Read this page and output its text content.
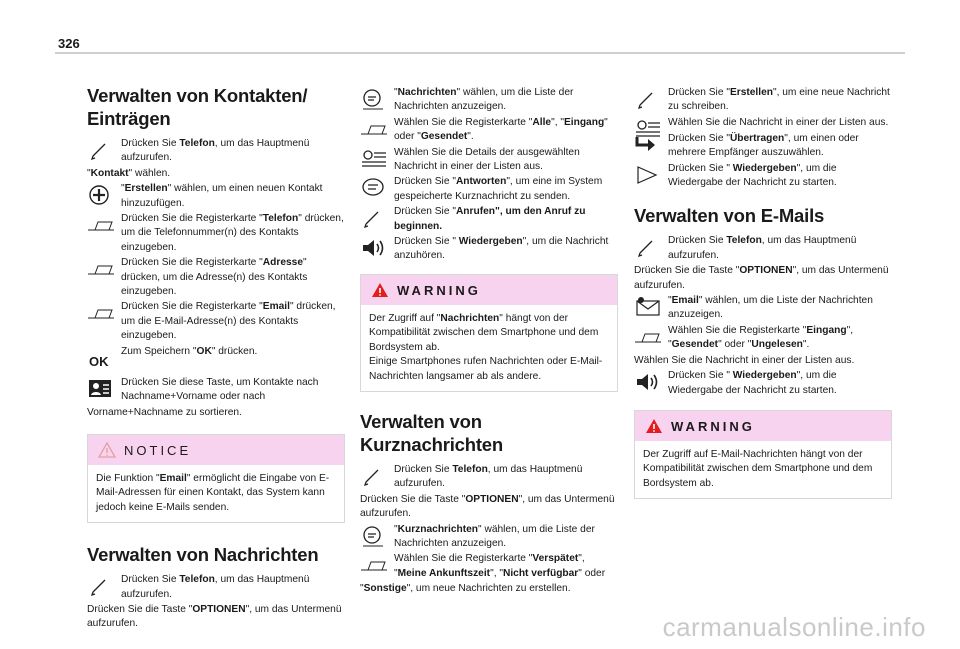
326
Verwalten von Kontakten/
Einträgen
Drücken Sie Telefon, um das Hauptmenü aufzurufen.
"Kontakt" wählen.
"Erstellen" wählen, um einen neuen Kontakt hinzuzufügen.
Drücken Sie die Registerkarte "Telefon" drücken, um die Telefonnummer(n) des Kontakts einzugeben.
Drücken Sie die Registerkarte "Adresse" drücken, um die Adresse(n) des Kontakts einzugeben.
Drücken Sie die Registerkarte "Email" drücken, um die E-Mail-Adresse(n) des Kontakts einzugeben.
OK
Zum Speichern "OK" drücken.
Drücken Sie diese Taste, um Kontakte nach Nachname+Vorname oder nach
Vorname+Nachname zu sortieren.
NOTICE
Die Funktion "Email" ermöglicht die Eingabe von E-Mail-Adressen für einen Kontakt, das System kann jedoch keine E-Mails senden.
Verwalten von Nachrichten
Drücken Sie Telefon, um das Hauptmenü aufzurufen.
Drücken Sie die Taste "OPTIONEN", um das Untermenü aufzurufen.
"Nachrichten" wählen, um die Liste der Nachrichten anzuzeigen.
Wählen Sie die Registerkarte "Alle", "Eingang" oder "Gesendet".
Wählen Sie die Details der ausgewählten Nachricht in einer der Listen aus.
Drücken Sie "Antworten", um eine im System gespeicherte Kurznachricht zu senden.
Drücken Sie "Anrufen", um den Anruf zu beginnen.
Drücken Sie " Wiedergeben", um die Nachricht anzuhören.
WARNING
Der Zugriff auf "Nachrichten" hängt von der Kompatibilität zwischen dem Smartphone und dem Bordsystem ab.
Einige Smartphones rufen Nachrichten oder E-Mail-Nachrichten langsamer ab als andere.
Verwalten von Kurznachrichten
Drücken Sie Telefon, um das Hauptmenü aufzurufen.
Drücken Sie die Taste "OPTIONEN", um das Untermenü aufzurufen.
"Kurznachrichten" wählen, um die Liste der Nachrichten anzuzeigen.
Wählen Sie die Registerkarte "Verspätet", "Meine Ankunftszeit", "Nicht verfügbar" oder
"Sonstige", um neue Nachrichten zu erstellen.
Drücken Sie "Erstellen", um eine neue Nachricht zu schreiben.
Wählen Sie die Nachricht in einer der Listen aus.
Drücken Sie "Übertragen", um einen oder mehrere Empfänger auszuwählen.
Drücken Sie " Wiedergeben", um die Wiedergabe der Nachricht zu starten.
Verwalten von E-Mails
Drücken Sie Telefon, um das Hauptmenü aufzurufen.
Drücken Sie die Taste "OPTIONEN", um das Untermenü aufzurufen.
"Email" wählen, um die Liste der Nachrichten anzuzeigen.
Wählen Sie die Registerkarte "Eingang", "Gesendet" oder "Ungelesen".
Wählen Sie die Nachricht in einer der Listen aus.
Drücken Sie " Wiedergeben", um die Wiedergabe der Nachricht zu starten.
WARNING
Der Zugriff auf E-Mail-Nachrichten hängt von der Kompatibilität zwischen dem Smartphone und dem Bordsystem ab.
carmanualsonline.info
